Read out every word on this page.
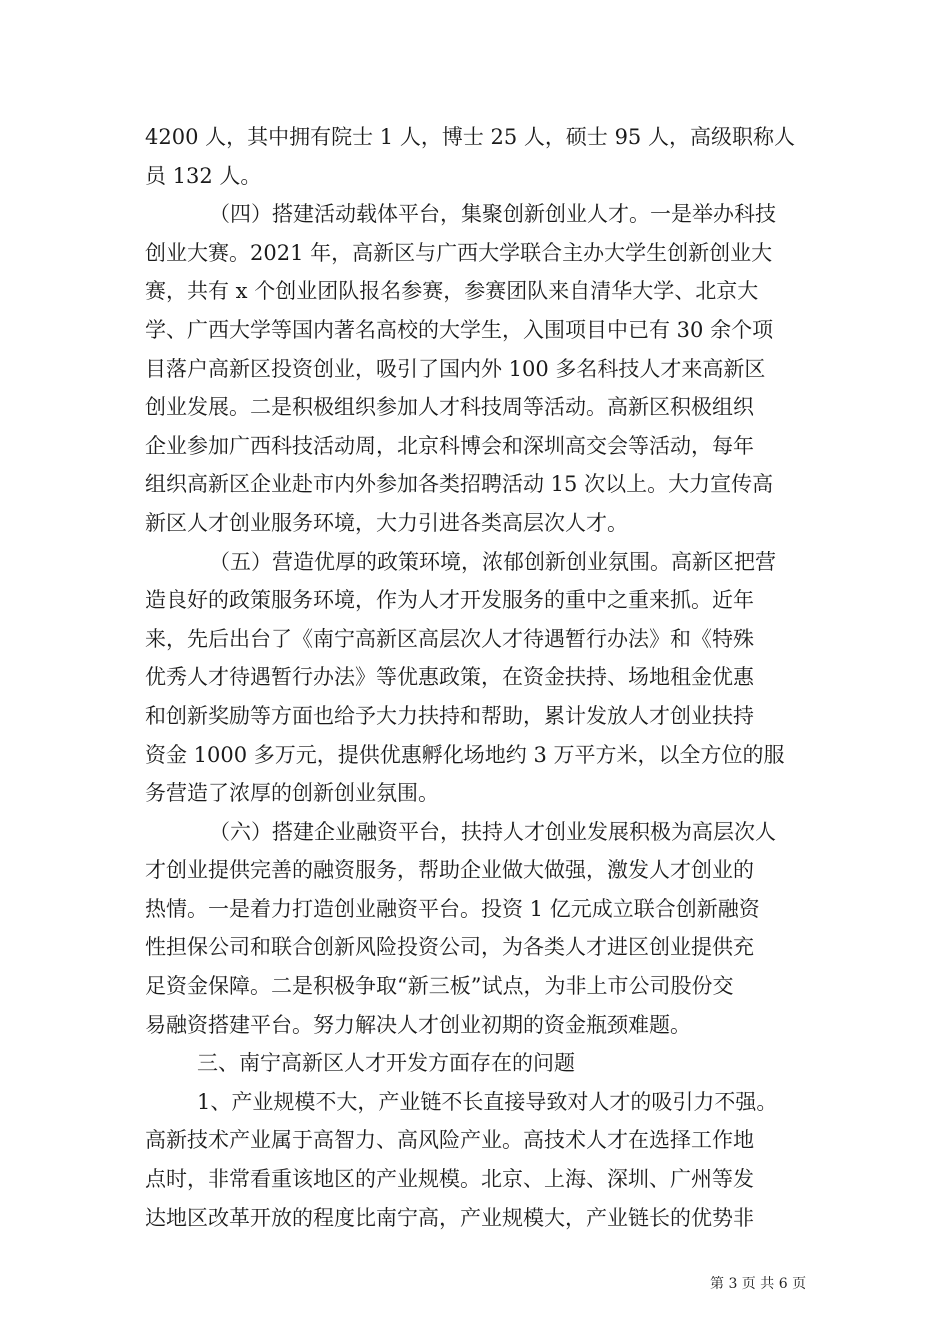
4200 人，其中拥有院士 1 人，博士 25 人，硕士 95 人，高级职称人
员 132 人。
（四）搭建活动载体平台，集聚创新创业人才。一是举办科技
创业大赛。2021 年，高新区与广西大学联合主办大学生创新创业大
赛，共有 x 个创业团队报名参赛，参赛团队来自清华大学、北京大
学、广西大学等国内著名高校的大学生，入围项目中已有 30 余个项
目落户高新区投资创业，吸引了国内外 100 多名科技人才来高新区
创业发展。二是积极组织参加人才科技周等活动。高新区积极组织
企业参加广西科技活动周，北京科博会和深圳高交会等活动，每年
组织高新区企业赴市内外参加各类招聘活动 15 次以上。大力宣传高
新区人才创业服务环境，大力引进各类高层次人才。
（五）营造优厚的政策环境，浓郁创新创业氛围。高新区把营
造良好的政策服务环境，作为人才开发服务的重中之重来抓。近年
来，先后出台了《南宁高新区高层次人才待遇暂行办法》和《特殊
优秀人才待遇暂行办法》等优惠政策，在资金扶持、场地租金优惠
和创新奖励等方面也给予大力扶持和帮助，累计发放人才创业扶持
资金 1000 多万元，提供优惠孵化场地约 3 万平方米，以全方位的服
务营造了浓厚的创新创业氛围。
（六）搭建企业融资平台，扶持人才创业发展积极为高层次人
才创业提供完善的融资服务，帮助企业做大做强，激发人才创业的
热情。一是着力打造创业融资平台。投资 1 亿元成立联合创新融资
性担保公司和联合创新风险投资公司，为各类人才进区创业提供充
足资金保障。二是积极争取“新三板”试点，为非上市公司股份交
易融资搭建平台。努力解决人才创业初期的资金瓶颈难题。
三、南宁高新区人才开发方面存在的问题
1、产业规模不大，产业链不长直接导致对人才的吸引力不强。
高新技术产业属于高智力、高风险产业。高技术人才在选择工作地
点时，非常看重该地区的产业规模。北京、上海、深圳、广州等发
达地区改革开放的程度比南宁高，产业规模大，产业链长的优势非
第 3 页 共 6 页
